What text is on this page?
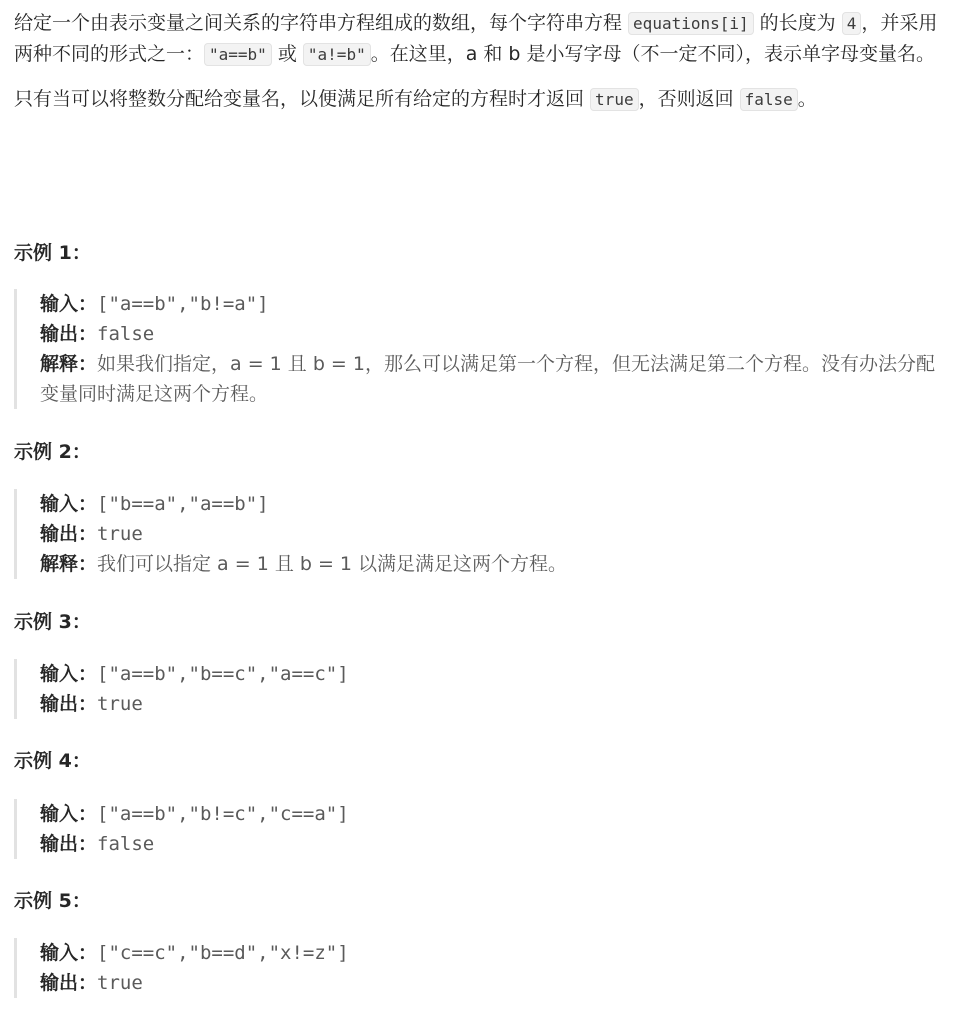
给定一个由表示变量之间关系的字符串方程组成的数组，每个字符串方程 equations[i] 的长度为 4 ，并采用两种不同的形式之一： "a==b" 或 "a!=b" 。在这里，a 和 b 是小写字母（不一定不同），表示单字母变量名。

只有当可以将整数分配给变量名，以便满足所有给定的方程时才返回 true ，否则返回 false 。

示例 1：

输入：["a==b","b!=a"]

输出：false

解释：如果我们指定，a = 1 且 b = 1，那么可以满足第一个方程，但无法满足第二个方程。没有办法分配变量同时满足这两个方程。

示例 2：

输入：["b==a","a==b"]

输出：true

解释：我们可以指定 a = 1 且 b = 1 以满足满足这两个方程。

示例 3：

输入：["a==b","b==c","a==c"]

输出：true

示例 4：

输入：["a==b","b!=c","c==a"]

输出：false

示例 5：

输入：["c==c","b==d","x!=z"]

输出：true
